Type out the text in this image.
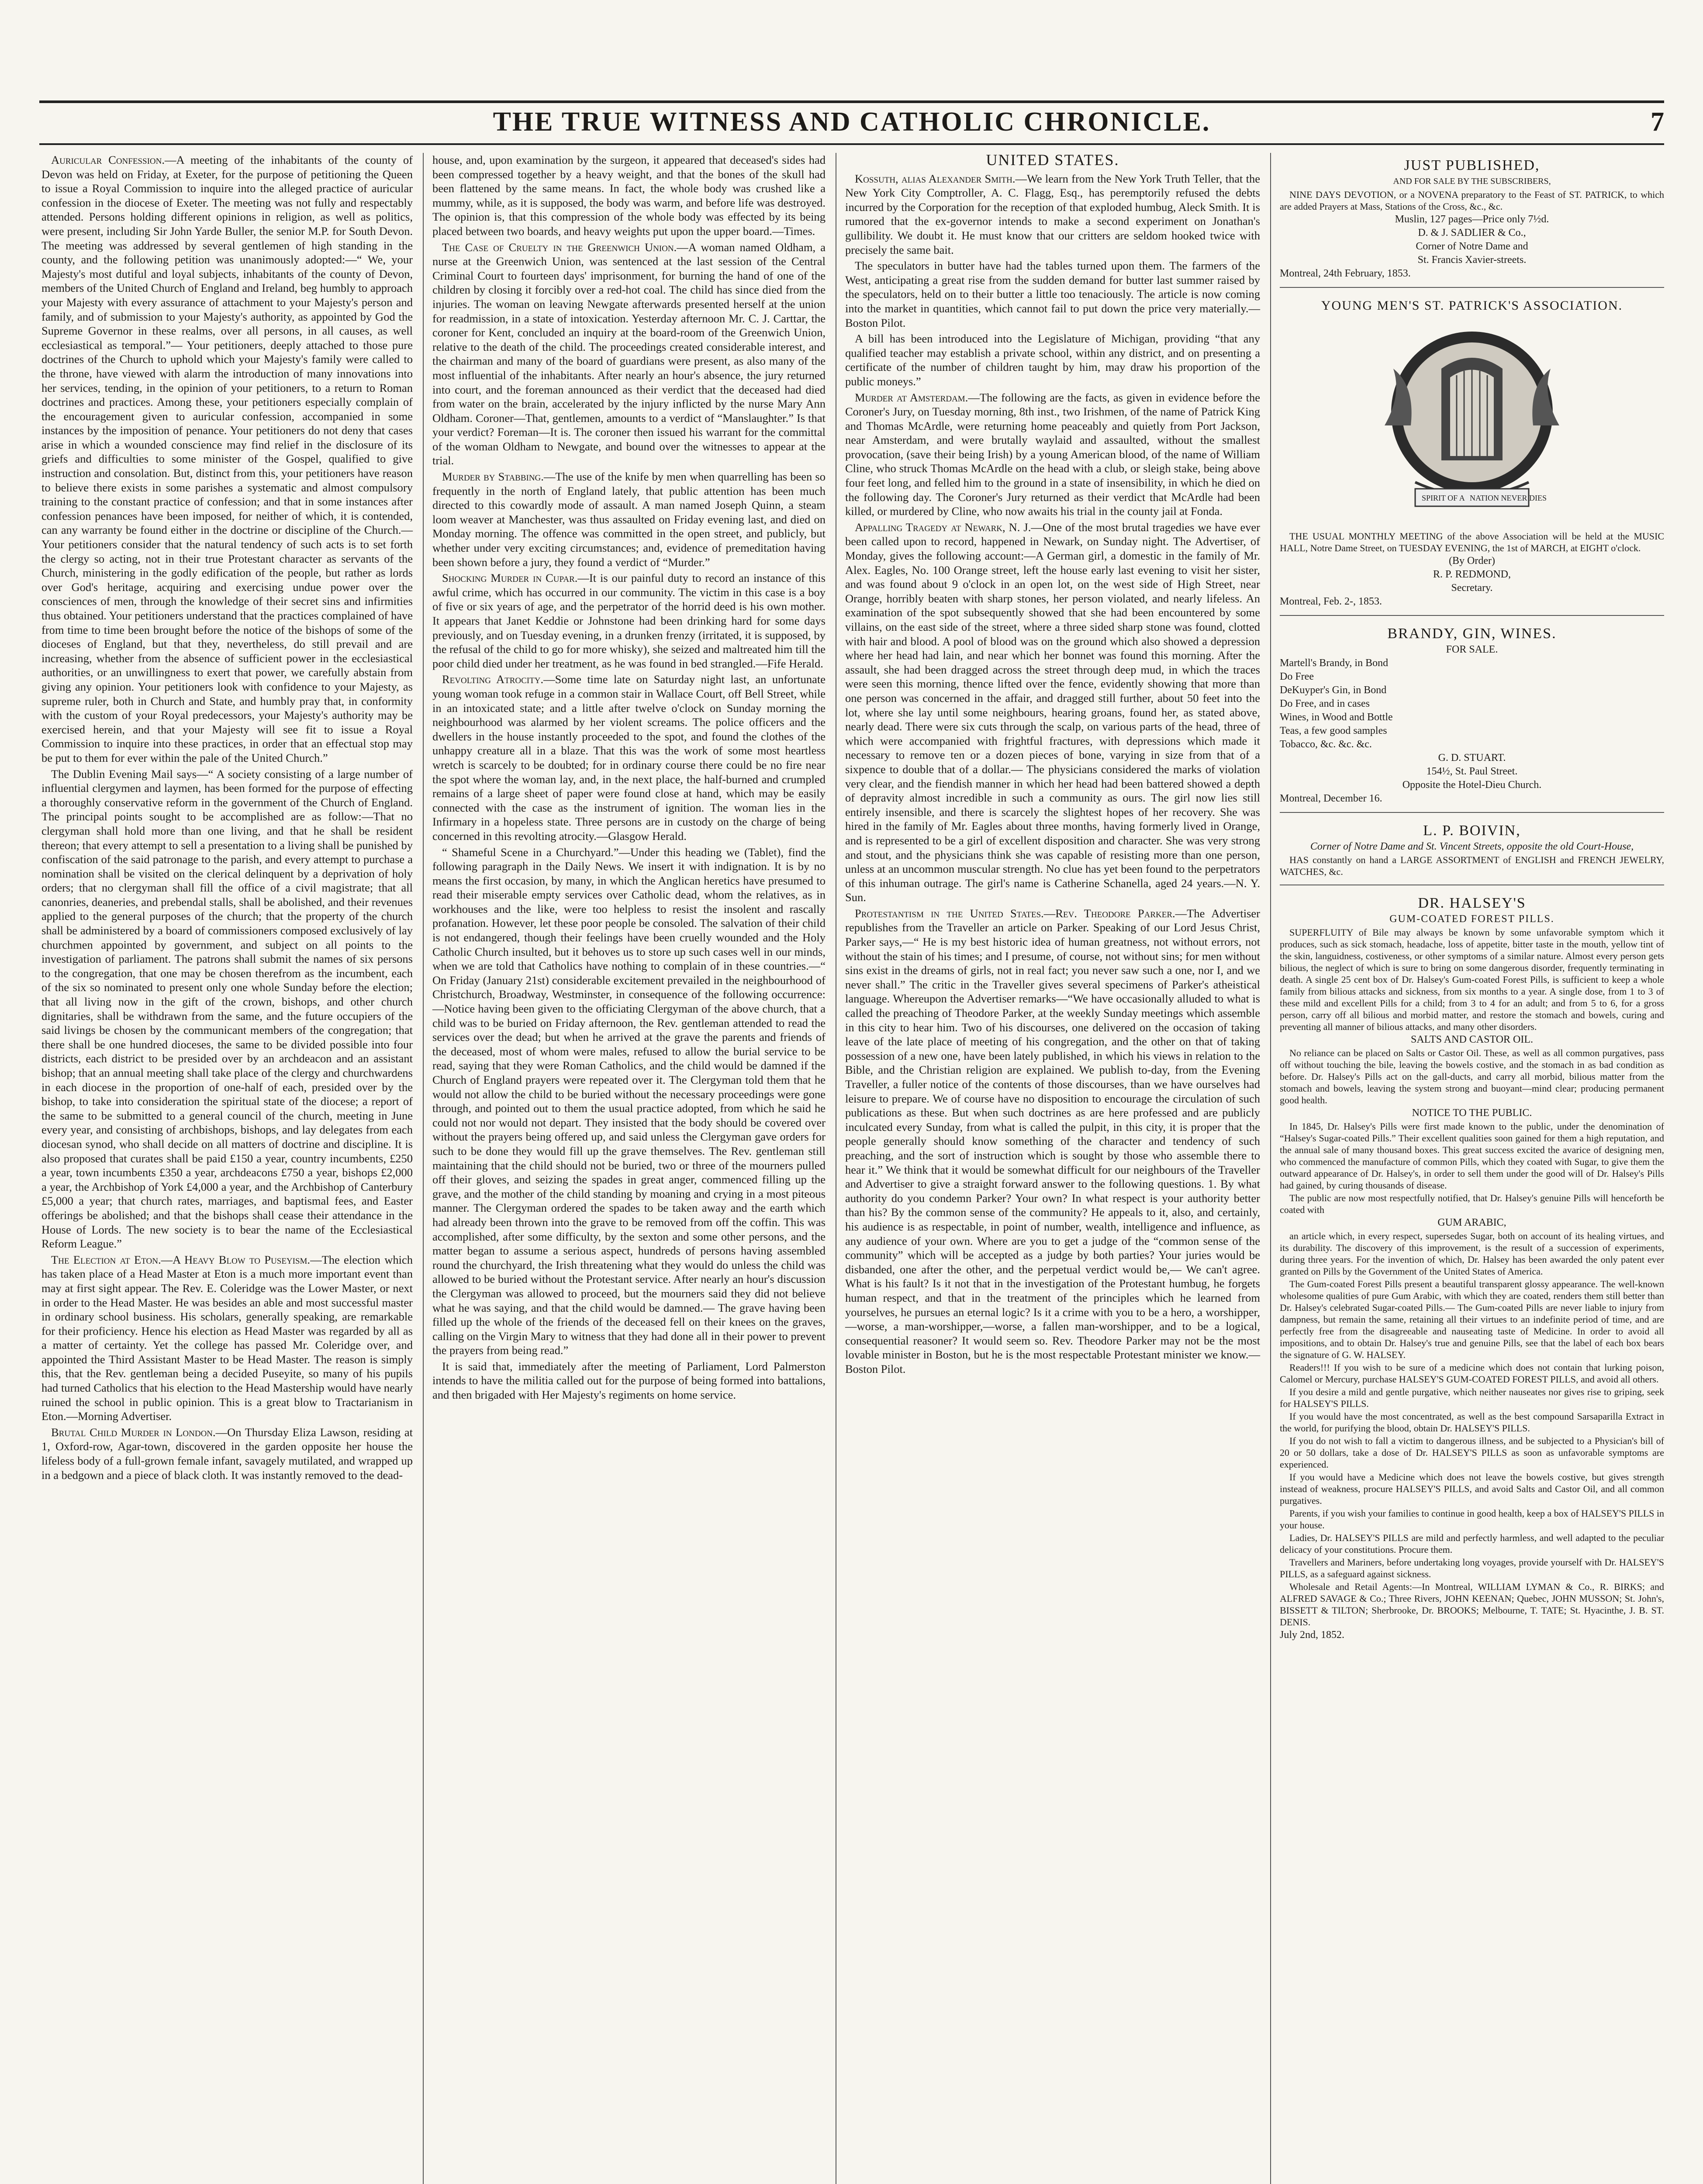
THE TRUE WITNESS AND CATHOLIC CHRONICLE.	7

Auricular Confession.—A meeting of the inhabitants of the county of Devon was held on Friday, at Exeter, for the purpose of petitioning the Queen to issue a Royal Commission to inquire into the alleged practice of auricular confession in the diocese of Exeter. The meeting was not fully and respectably attended. Persons holding different opinions in religion, as well as politics, were present, including Sir John Yarde Buller, the senior M.P. for South Devon. The meeting was addressed by several gentlemen of high standing in the county, and the following petition was unanimously adopted:—“ We, your Majesty's most dutiful and loyal subjects, inhabitants of the county of Devon, members of the United Church of England and Ireland, beg humbly to approach your Majesty with every assurance of attachment to your Majesty's person and family, and of submission to your Majesty's authority, as appointed by God the Supreme Governor in these realms, over all persons, in all causes, as well ecclesiastical as temporal.”— Your petitioners, deeply attached to those pure doctrines of the Church to uphold which your Majesty's family were called to the throne, have viewed with alarm the introduction of many innovations into her services, tending, in the opinion of your petitioners, to a return to Roman doctrines and practices. Among these, your petitioners especially complain of the encouragement given to auricular confession, accompanied in some instances by the imposition of penance. Your petitioners do not deny that cases arise in which a wounded conscience may find relief in the disclosure of its griefs and difficulties to some minister of the Gospel, qualified to give instruction and consolation. But, distinct from this, your petitioners have reason to believe there exists in some parishes a systematic and almost compulsory training to the constant practice of confession; and that in some instances after confession penances have been imposed, for neither of which, it is contended, can any warranty be found either in the doctrine or discipline of the Church.— Your petitioners consider that the natural tendency of such acts is to set forth the clergy so acting, not in their true Protestant character as servants of the Church, ministering in the godly edification of the people, but rather as lords over God's heritage, acquiring and exercising undue power over the consciences of men, through the knowledge of their secret sins and infirmities thus obtained. Your petitioners understand that the practices complained of have from time to time been brought before the notice of the bishops of some of the dioceses of England, but that they, nevertheless, do still prevail and are increasing, whether from the absence of sufficient power in the ecclesiastical authorities, or an unwillingness to exert that power, we carefully abstain from giving any opinion. Your petitioners look with confidence to your Majesty, as supreme ruler, both in Church and State, and humbly pray that, in conformity with the custom of your Royal predecessors, your Majesty's authority may be exercised herein, and that your Majesty will see fit to issue a Royal Commission to inquire into these practices, in order that an effectual stop may be put to them for ever within the pale of the United Church.”

The Dublin Evening Mail says—“ A society consisting of a large number of influential clergymen and laymen, has been formed for the purpose of effecting a thoroughly conservative reform in the government of the Church of England. The principal points sought to be accomplished are as follow:—That no clergyman shall hold more than one living, and that he shall be resident thereon; that every attempt to sell a presentation to a living shall be punished by confiscation of the said patronage to the parish, and every attempt to purchase a nomination shall be visited on the clerical delinquent by a deprivation of holy orders; that no clergyman shall fill the office of a civil magistrate; that all canonries, deaneries, and prebendal stalls, shall be abolished, and their revenues applied to the general purposes of the church; that the property of the church shall be administered by a board of commissioners composed exclusively of lay churchmen appointed by government, and subject on all points to the investigation of parliament. The patrons shall submit the names of six persons to the congregation, that one may be chosen therefrom as the incumbent, each of the six so nominated to present only one whole Sunday before the election; that all living now in the gift of the crown, bishops, and other church dignitaries, shall be withdrawn from the same, and the future occupiers of the said livings be chosen by the communicant members of the congregation; that there shall be one hundred dioceses, the same to be divided possible into four districts, each district to be presided over by an archdeacon and an assistant bishop; that an annual meeting shall take place of the clergy and churchwardens in each diocese in the proportion of one-half of each, presided over by the bishop, to take into consideration the spiritual state of the diocese; a report of the same to be submitted to a general council of the church, meeting in June every year, and consisting of archbishops, bishops, and lay delegates from each diocesan synod, who shall decide on all matters of doctrine and discipline. It is also proposed that curates shall be paid £150 a year, country incumbents, £250 a year, town incumbents £350 a year, archdeacons £750 a year, bishops £2,000 a year, the Archbishop of York £4,000 a year, and the Archbishop of Canterbury £5,000 a year; that church rates, marriages, and baptismal fees, and Easter offerings be abolished; and that the bishops shall cease their attendance in the House of Lords. The new society is to bear the name of the Ecclesiastical Reform League.”

The Election at Eton.—A Heavy Blow to Puseyism.—The election which has taken place of a Head Master at Eton is a much more important event than may at first sight appear. The Rev. E. Coleridge was the Lower Master, or next in order to the Head Master. He was besides an able and most successful master in ordinary school business. His scholars, generally speaking, are remarkable for their proficiency. Hence his election as Head Master was regarded by all as a matter of certainty. Yet the college has passed Mr. Coleridge over, and appointed the Third Assistant Master to be Head Master. The reason is simply this, that the Rev. gentleman being a decided Puseyite, so many of his pupils had turned Catholics that his election to the Head Mastership would have nearly ruined the school in public opinion. This is a great blow to Tractarianism in Eton.—Morning Advertiser.

Brutal Child Murder in London.—On Thursday Eliza Lawson, residing at 1, Oxford-row, Agar-town, discovered in the garden opposite her house the lifeless body of a full-grown female infant, savagely mutilated, and wrapped up in a bedgown and a piece of black cloth. It was instantly removed to the dead-

house, and, upon examination by the surgeon, it appeared that deceased's sides had been compressed together by a heavy weight, and that the bones of the skull had been flattened by the same means. In fact, the whole body was crushed like a mummy, while, as it is supposed, the body was warm, and before life was destroyed. The opinion is, that this compression of the whole body was effected by its being placed between two boards, and heavy weights put upon the upper board.—Times.

The Case of Cruelty in the Greenwich Union.—A woman named Oldham, a nurse at the Greenwich Union, was sentenced at the last session of the Central Criminal Court to fourteen days' imprisonment, for burning the hand of one of the children by closing it forcibly over a red-hot coal. The child has since died from the injuries. The woman on leaving Newgate afterwards presented herself at the union for readmission, in a state of intoxication. Yesterday afternoon Mr. C. J. Carttar, the coroner for Kent, concluded an inquiry at the board-room of the Greenwich Union, relative to the death of the child. The proceedings created considerable interest, and the chairman and many of the board of guardians were present, as also many of the most influential of the inhabitants. After nearly an hour's absence, the jury returned into court, and the foreman announced as their verdict that the deceased had died from water on the brain, accelerated by the injury inflicted by the nurse Mary Ann Oldham. Coroner—That, gentlemen, amounts to a verdict of “Manslaughter.” Is that your verdict? Foreman—It is. The coroner then issued his warrant for the committal of the woman Oldham to Newgate, and bound over the witnesses to appear at the trial.

Murder by Stabbing.—The use of the knife by men when quarrelling has been so frequently in the north of England lately, that public attention has been much directed to this cowardly mode of assault. A man named Joseph Quinn, a steam loom weaver at Manchester, was thus assaulted on Friday evening last, and died on Monday morning. The offence was committed in the open street, and publicly, but whether under very exciting circumstances; and, evidence of premeditation having been shown before a jury, they found a verdict of “Murder.”

Shocking Murder in Cupar.—It is our painful duty to record an instance of this awful crime, which has occurred in our community. The victim in this case is a boy of five or six years of age, and the perpetrator of the horrid deed is his own mother. It appears that Janet Keddie or Johnstone had been drinking hard for some days previously, and on Tuesday evening, in a drunken frenzy (irritated, it is supposed, by the refusal of the child to go for more whisky), she seized and maltreated him till the poor child died under her treatment, as he was found in bed strangled.—Fife Herald.

Revolting Atrocity.—Some time late on Saturday night last, an unfortunate young woman took refuge in a common stair in Wallace Court, off Bell Street, while in an intoxicated state; and a little after twelve o'clock on Sunday morning the neighbourhood was alarmed by her violent screams. The police officers and the dwellers in the house instantly proceeded to the spot, and found the clothes of the unhappy creature all in a blaze. That this was the work of some most heartless wretch is scarcely to be doubted; for in ordinary course there could be no fire near the spot where the woman lay, and, in the next place, the half-burned and crumpled remains of a large sheet of paper were found close at hand, which may be easily connected with the case as the instrument of ignition. The woman lies in the Infirmary in a hopeless state. Three persons are in custody on the charge of being concerned in this revolting atrocity.—Glasgow Herald.

“ Shameful Scene in a Churchyard.”—Under this heading we (Tablet), find the following paragraph in the Daily News. We insert it with indignation. It is by no means the first occasion, by many, in which the Anglican heretics have presumed to read their miserable empty services over Catholic dead, whom the relatives, as in workhouses and the like, were too helpless to resist the insolent and rascally profanation. However, let these poor people be consoled. The salvation of their child is not endangered, though their feelings have been cruelly wounded and the Holy Catholic Church insulted, but it behoves us to store up such cases well in our minds, when we are told that Catholics have nothing to complain of in these countries.—“ On Friday (January 21st) considerable excitement prevailed in the neighbourhood of Christchurch, Broadway, Westminster, in consequence of the following occurrence:—Notice having been given to the officiating Clergyman of the above church, that a child was to be buried on Friday afternoon, the Rev. gentleman attended to read the services over the dead; but when he arrived at the grave the parents and friends of the deceased, most of whom were males, refused to allow the burial service to be read, saying that they were Roman Catholics, and the child would be damned if the Church of England prayers were repeated over it. The Clergyman told them that he would not allow the child to be buried without the necessary proceedings were gone through, and pointed out to them the usual practice adopted, from which he said he could not nor would not depart. They insisted that the body should be covered over without the prayers being offered up, and said unless the Clergyman gave orders for such to be done they would fill up the grave themselves. The Rev. gentleman still maintaining that the child should not be buried, two or three of the mourners pulled off their gloves, and seizing the spades in great anger, commenced filling up the grave, and the mother of the child standing by moaning and crying in a most piteous manner. The Clergyman ordered the spades to be taken away and the earth which had already been thrown into the grave to be removed from off the coffin. This was accomplished, after some difficulty, by the sexton and some other persons, and the matter began to assume a serious aspect, hundreds of persons having assembled round the churchyard, the Irish threatening what they would do unless the child was allowed to be buried without the Protestant service. After nearly an hour's discussion the Clergyman was allowed to proceed, but the mourners said they did not believe what he was saying, and that the child would be damned.— The grave having been filled up the whole of the friends of the deceased fell on their knees on the graves, calling on the Virgin Mary to witness that they had done all in their power to prevent the prayers from being read.”

It is said that, immediately after the meeting of Parliament, Lord Palmerston intends to have the militia called out for the purpose of being formed into battalions, and then brigaded with Her Majesty's regiments on home service.

UNITED STATES.

Kossuth, alias Alexander Smith.—We learn from the New York Truth Teller, that the New York City Comptroller, A. C. Flagg, Esq., has peremptorily refused the debts incurred by the Corporation for the reception of that exploded humbug, Aleck Smith. It is rumored that the ex-governor intends to make a second experiment on Jonathan's gullibility. We doubt it. He must know that our critters are seldom hooked twice with precisely the same bait.

The speculators in butter have had the tables turned upon them. The farmers of the West, anticipating a great rise from the sudden demand for butter last summer raised by the speculators, held on to their butter a little too tenaciously. The article is now coming into the market in quantities, which cannot fail to put down the price very materially.—Boston Pilot.

A bill has been introduced into the Legislature of Michigan, providing “that any qualified teacher may establish a private school, within any district, and on presenting a certificate of the number of children taught by him, may draw his proportion of the public moneys.”

Murder at Amsterdam.—The following are the facts, as given in evidence before the Coroner's Jury, on Tuesday morning, 8th inst., two Irishmen, of the name of Patrick King and Thomas McArdle, were returning home peaceably and quietly from Port Jackson, near Amsterdam, and were brutally waylaid and assaulted, without the smallest provocation, (save their being Irish) by a young American blood, of the name of William Cline, who struck Thomas McArdle on the head with a club, or sleigh stake, being above four feet long, and felled him to the ground in a state of insensibility, in which he died on the following day. The Coroner's Jury returned as their verdict that McArdle had been killed, or murdered by Cline, who now awaits his trial in the county jail at Fonda.

Appalling Tragedy at Newark, N. J.—One of the most brutal tragedies we have ever been called upon to record, happened in Newark, on Sunday night. The Advertiser, of Monday, gives the following account:—A German girl, a domestic in the family of Mr. Alex. Eagles, No. 100 Orange street, left the house early last evening to visit her sister, and was found about 9 o'clock in an open lot, on the west side of High Street, near Orange, horribly beaten with sharp stones, her person violated, and nearly lifeless. An examination of the spot subsequently showed that she had been encountered by some villains, on the east side of the street, where a three sided sharp stone was found, clotted with hair and blood. A pool of blood was on the ground which also showed a depression where her head had lain, and near which her bonnet was found this morning. After the assault, she had been dragged across the street through deep mud, in which the traces were seen this morning, thence lifted over the fence, evidently showing that more than one person was concerned in the affair, and dragged still further, about 50 feet into the lot, where she lay until some neighbours, hearing groans, found her, as stated above, nearly dead. There were six cuts through the scalp, on various parts of the head, three of which were accompanied with frightful fractures, with depressions which made it necessary to remove ten or a dozen pieces of bone, varying in size from that of a sixpence to double that of a dollar.— The physicians considered the marks of violation very clear, and the fiendish manner in which her head had been battered showed a depth of depravity almost incredible in such a community as ours. The girl now lies still entirely insensible, and there is scarcely the slightest hopes of her recovery. She was hired in the family of Mr. Eagles about three months, having formerly lived in Orange, and is represented to be a girl of excellent disposition and character. She was very strong and stout, and the physicians think she was capable of resisting more than one person, unless at an uncommon muscular strength. No clue has yet been found to the perpetrators of this inhuman outrage. The girl's name is Catherine Schanella, aged 24 years.—N. Y. Sun.

Protestantism in the United States.—Rev. Theodore Parker.—The Advertiser republishes from the Traveller an article on Parker. Speaking of our Lord Jesus Christ, Parker says,—“ He is my best historic idea of human greatness, not without errors, not without the stain of his times; and I presume, of course, not without sins; for men without sins exist in the dreams of girls, not in real fact; you never saw such a one, nor I, and we never shall.” The critic in the Traveller gives several specimens of Parker's atheistical language. Whereupon the Advertiser remarks—“We have occasionally alluded to what is called the preaching of Theodore Parker, at the weekly Sunday meetings which assemble in this city to hear him. Two of his discourses, one delivered on the occasion of taking leave of the late place of meeting of his congregation, and the other on that of taking possession of a new one, have been lately published, in which his views in relation to the Bible, and the Christian religion are explained. We publish to-day, from the Evening Traveller, a fuller notice of the contents of those discourses, than we have ourselves had leisure to prepare. We of course have no disposition to encourage the circulation of such publications as these. But when such doctrines as are here professed and are publicly inculcated every Sunday, from what is called the pulpit, in this city, it is proper that the people generally should know something of the character and tendency of such preaching, and the sort of instruction which is sought by those who assemble there to hear it.” We think that it would be somewhat difficult for our neighbours of the Traveller and Advertiser to give a straight forward answer to the following questions. 1. By what authority do you condemn Parker? Your own? In what respect is your authority better than his? By the common sense of the community? He appeals to it, also, and certainly, his audience is as respectable, in point of number, wealth, intelligence and influence, as any audience of your own. Where are you to get a judge of the “common sense of the community” which will be accepted as a judge by both parties? Your juries would be disbanded, one after the other, and the perpetual verdict would be,— We can't agree. What is his fault? Is it not that in the investigation of the Protestant humbug, he forgets human respect, and that in the treatment of the principles which he learned from yourselves, he pursues an eternal logic? Is it a crime with you to be a hero, a worshipper,—worse, a man-worshipper,—worse, a fallen man-worshipper, and to be a logical, consequential reasoner? It would seem so. Rev. Theodore Parker may not be the most lovable minister in Boston, but he is the most respectable Protestant minister we know.—Boston Pilot.

JUST PUBLISHED,

AND FOR SALE BY THE SUBSCRIBERS,

NINE DAYS DEVOTION, or a NOVENA preparatory to the Feast of ST. PATRICK, to which are added Prayers at Mass, Stations of the Cross, &c., &c.

Muslin, 127 pages—Price only 7½d.

D. & J. SADLIER & Co.,

Corner of Notre Dame and

St. Francis Xavier-streets.

Montreal, 24th February, 1853.

YOUNG MEN'S ST. PATRICK'S ASSOCIATION.

SPIRIT OF A NATION NEVER DIES

THE USUAL MONTHLY MEETING of the above Association will be held at the MUSIC HALL, Notre Dame Street, on TUESDAY EVENING, the 1st of MARCH, at EIGHT o'clock.

(By Order)

R. P. REDMOND,

Secretary.

Montreal, Feb. 2-, 1853.

BRANDY, GIN, WINES.

FOR SALE.

Martell's Brandy, in Bond

Do Free

DeKuyper's Gin, in Bond

Do Free, and in cases

Wines, in Wood and Bottle

Teas, a few good samples

Tobacco, &c. &c. &c.

G. D. STUART.

154½, St. Paul Street.

Opposite the Hotel-Dieu Church.

Montreal, December 16.

L. P. BOIVIN,

Corner of Notre Dame and St. Vincent Streets, opposite the old Court-House,

HAS constantly on hand a LARGE ASSORTMENT of ENGLISH and FRENCH JEWELRY, WATCHES, &c.

DR. HALSEY'S

GUM-COATED FOREST PILLS.

SUPERFLUITY of Bile may always be known by some unfavorable symptom which it produces, such as sick stomach, headache, loss of appetite, bitter taste in the mouth, yellow tint of the skin, languidness, costiveness, or other symptoms of a similar nature. Almost every person gets bilious, the neglect of which is sure to bring on some dangerous disorder, frequently terminating in death. A single 25 cent box of Dr. Halsey's Gum-coated Forest Pills, is sufficient to keep a whole family from bilious attacks and sickness, from six months to a year. A single dose, from 1 to 3 of these mild and excellent Pills for a child; from 3 to 4 for an adult; and from 5 to 6, for a gross person, carry off all bilious and morbid matter, and restore the stomach and bowels, curing and preventing all manner of bilious attacks, and many other disorders.

SALTS AND CASTOR OIL.

No reliance can be placed on Salts or Castor Oil. These, as well as all common purgatives, pass off without touching the bile, leaving the bowels costive, and the stomach in as bad condition as before. Dr. Halsey's Pills act on the gall-ducts, and carry all morbid, bilious matter from the stomach and bowels, leaving the system strong and buoyant—mind clear; producing permanent good health.

NOTICE TO THE PUBLIC.

In 1845, Dr. Halsey's Pills were first made known to the public, under the denomination of “Halsey's Sugar-coated Pills.” Their excellent qualities soon gained for them a high reputation, and the annual sale of many thousand boxes. This great success excited the avarice of designing men, who commenced the manufacture of common Pills, which they coated with Sugar, to give them the outward appearance of Dr. Halsey's, in order to sell them under the good will of Dr. Halsey's Pills had gained, by curing thousands of disease.

The public are now most respectfully notified, that Dr. Halsey's genuine Pills will henceforth be coated with

GUM ARABIC,

an article which, in every respect, supersedes Sugar, both on account of its healing virtues, and its durability. The discovery of this improvement, is the result of a succession of experiments, during three years. For the invention of which, Dr. Halsey has been awarded the only patent ever granted on Pills by the Government of the United States of America.

The Gum-coated Forest Pills present a beautiful transparent glossy appearance. The well-known wholesome qualities of pure Gum Arabic, with which they are coated, renders them still better than Dr. Halsey's celebrated Sugar-coated Pills.— The Gum-coated Pills are never liable to injury from dampness, but remain the same, retaining all their virtues to an indefinite period of time, and are perfectly free from the disagreeable and nauseating taste of Medicine. In order to avoid all impositions, and to obtain Dr. Halsey's true and genuine Pills, see that the label of each box bears the signature of G. W. HALSEY.

Readers!!! If you wish to be sure of a medicine which does not contain that lurking poison, Calomel or Mercury, purchase HALSEY'S GUM-COATED FOREST PILLS, and avoid all others.

If you desire a mild and gentle purgative, which neither nauseates nor gives rise to griping, seek for HALSEY'S PILLS.

If you would have the most concentrated, as well as the best compound Sarsaparilla Extract in the world, for purifying the blood, obtain Dr. HALSEY'S PILLS.

If you do not wish to fall a victim to dangerous illness, and be subjected to a Physician's bill of 20 or 50 dollars, take a dose of Dr. HALSEY'S PILLS as soon as unfavorable symptoms are experienced.

If you would have a Medicine which does not leave the bowels costive, but gives strength instead of weakness, procure HALSEY'S PILLS, and avoid Salts and Castor Oil, and all common purgatives.

Parents, if you wish your families to continue in good health, keep a box of HALSEY'S PILLS in your house.

Ladies, Dr. HALSEY'S PILLS are mild and perfectly harmless, and well adapted to the peculiar delicacy of your constitutions. Procure them.

Travellers and Mariners, before undertaking long voyages, provide yourself with Dr. HALSEY'S PILLS, as a safeguard against sickness.

Wholesale and Retail Agents:—In Montreal, WILLIAM LYMAN & Co., R. BIRKS; and ALFRED SAVAGE & Co.; Three Rivers, JOHN KEENAN; Quebec, JOHN MUSSON; St. John's, BISSETT & TILTON; Sherbrooke, Dr. BROOKS; Melbourne, T. TATE; St. Hyacinthe, J. B. ST. DENIS.

July 2nd, 1852.
